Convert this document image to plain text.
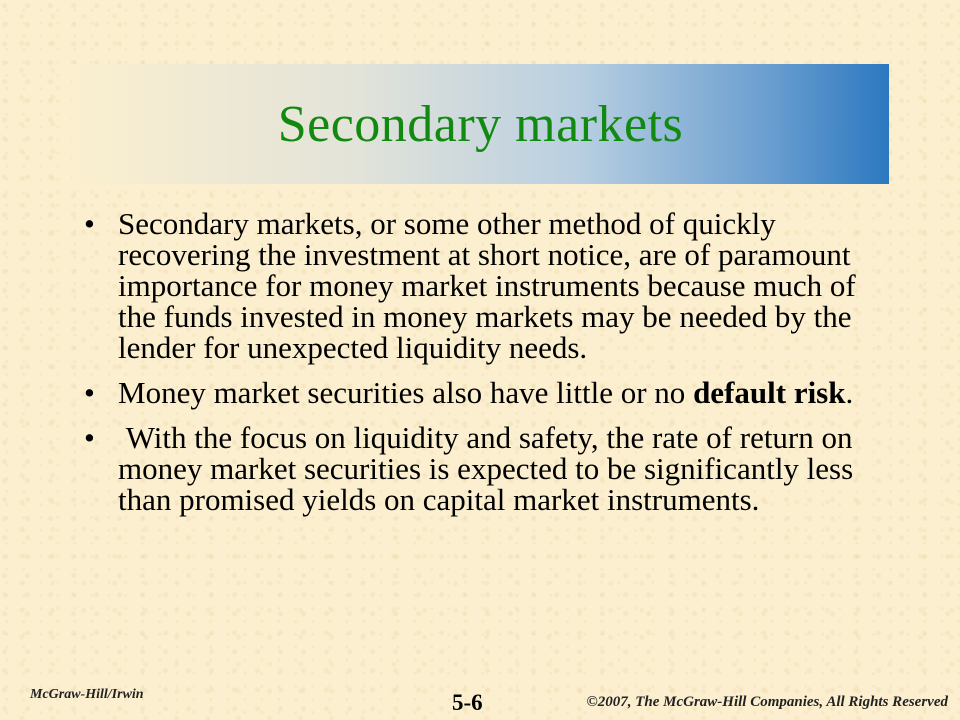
Secondary markets
• Secondary markets, or some other method of quickly recovering the investment at short notice, are of paramount importance for money market instruments because much of the funds invested in money markets may be needed by the lender for unexpected liquidity needs.
• Money market securities also have little or no default risk.
• With the focus on liquidity and safety, the rate of return on money market securities is expected to be significantly less than promised yields on capital market instruments.
McGraw-Hill/Irwin	5-6	©2007, The McGraw-Hill Companies, All Rights Reserved
